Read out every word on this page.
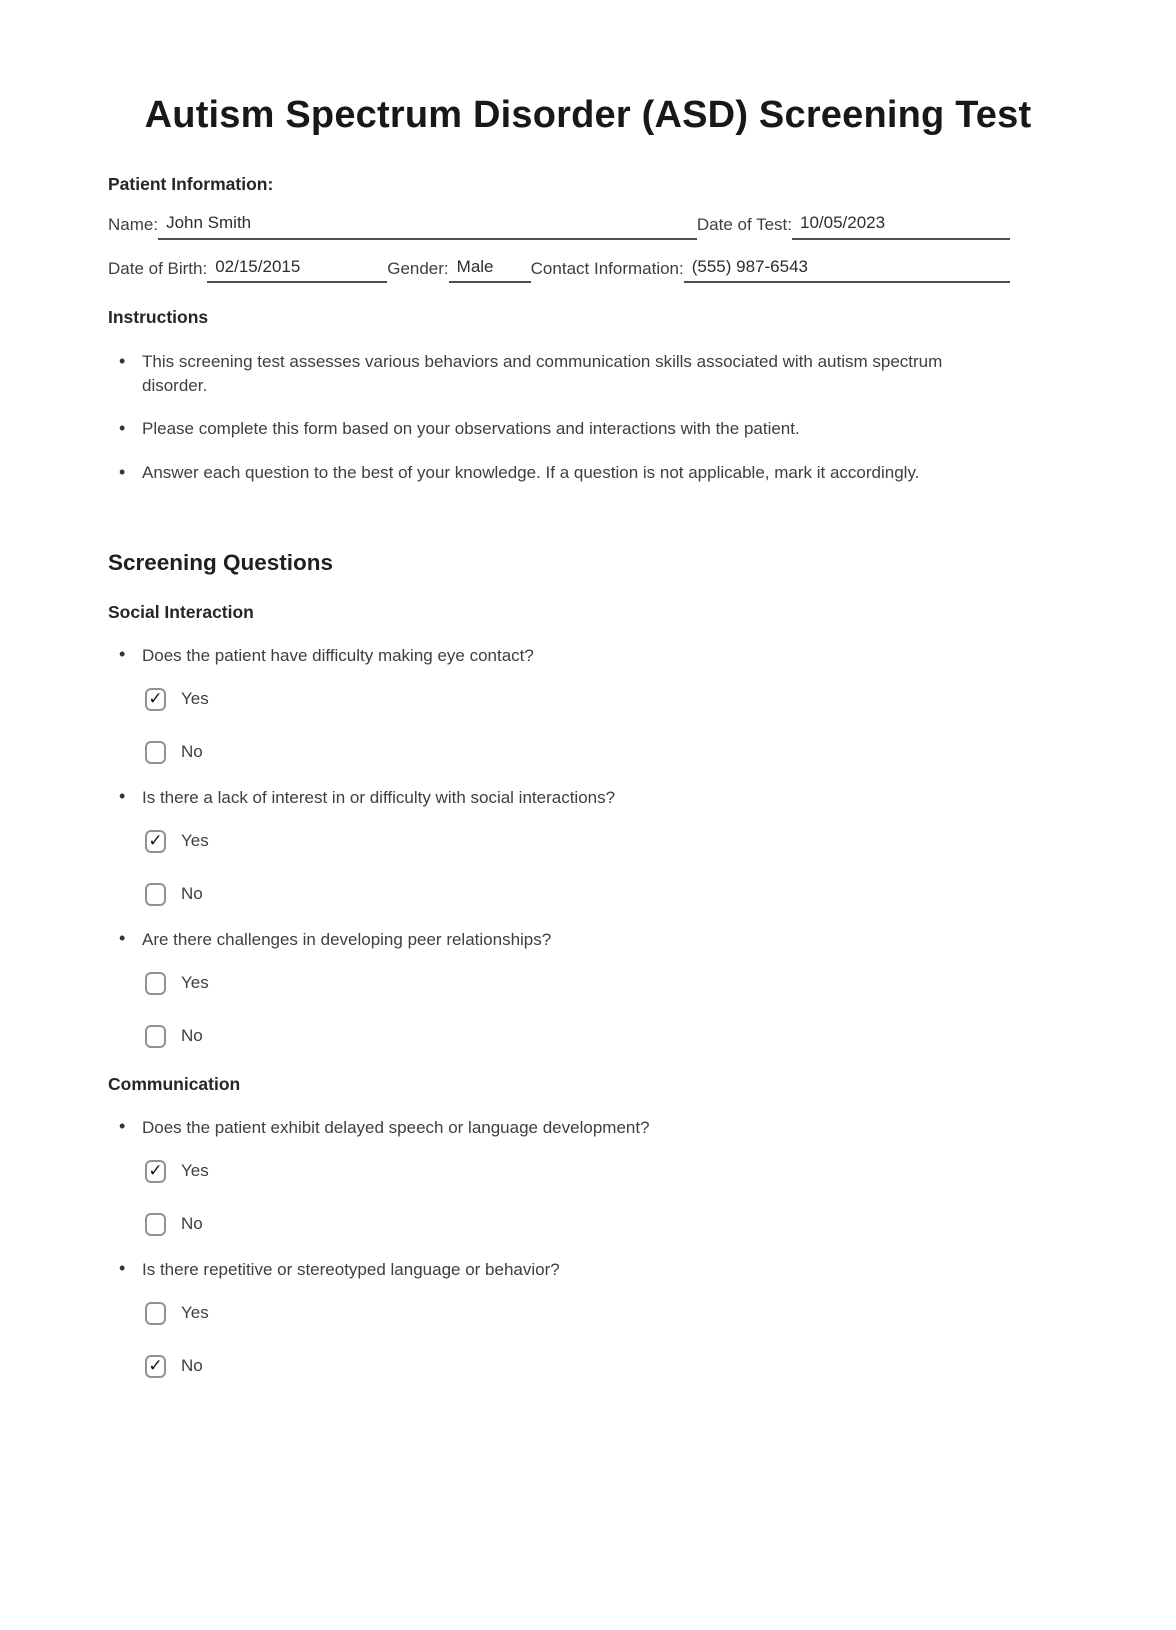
Autism Spectrum Disorder (ASD) Screening Test
Patient Information:
Name: John Smith	Date of Test: 10/05/2023
Date of Birth: 02/15/2015	Gender: Male Contact Information: (555) 987-6543
Instructions
• This screening test assesses various behaviors and communication skills associated with autism spectrum disorder.
• Please complete this form based on your observations and interactions with the patient.
• Answer each question to the best of your knowledge. If a question is not applicable, mark it accordingly.
Screening Questions
Social Interaction
• Does the patient have difficulty making eye contact?
✓
Yes
No
• Is there a lack of interest in or difficulty with social interactions?
✓
Yes
No
• Are there challenges in developing peer relationships?
Yes
No
Communication
• Does the patient exhibit delayed speech or language development?
✓
Yes
No
• Is there repetitive or stereotyped language or behavior?
Yes
✓
No
